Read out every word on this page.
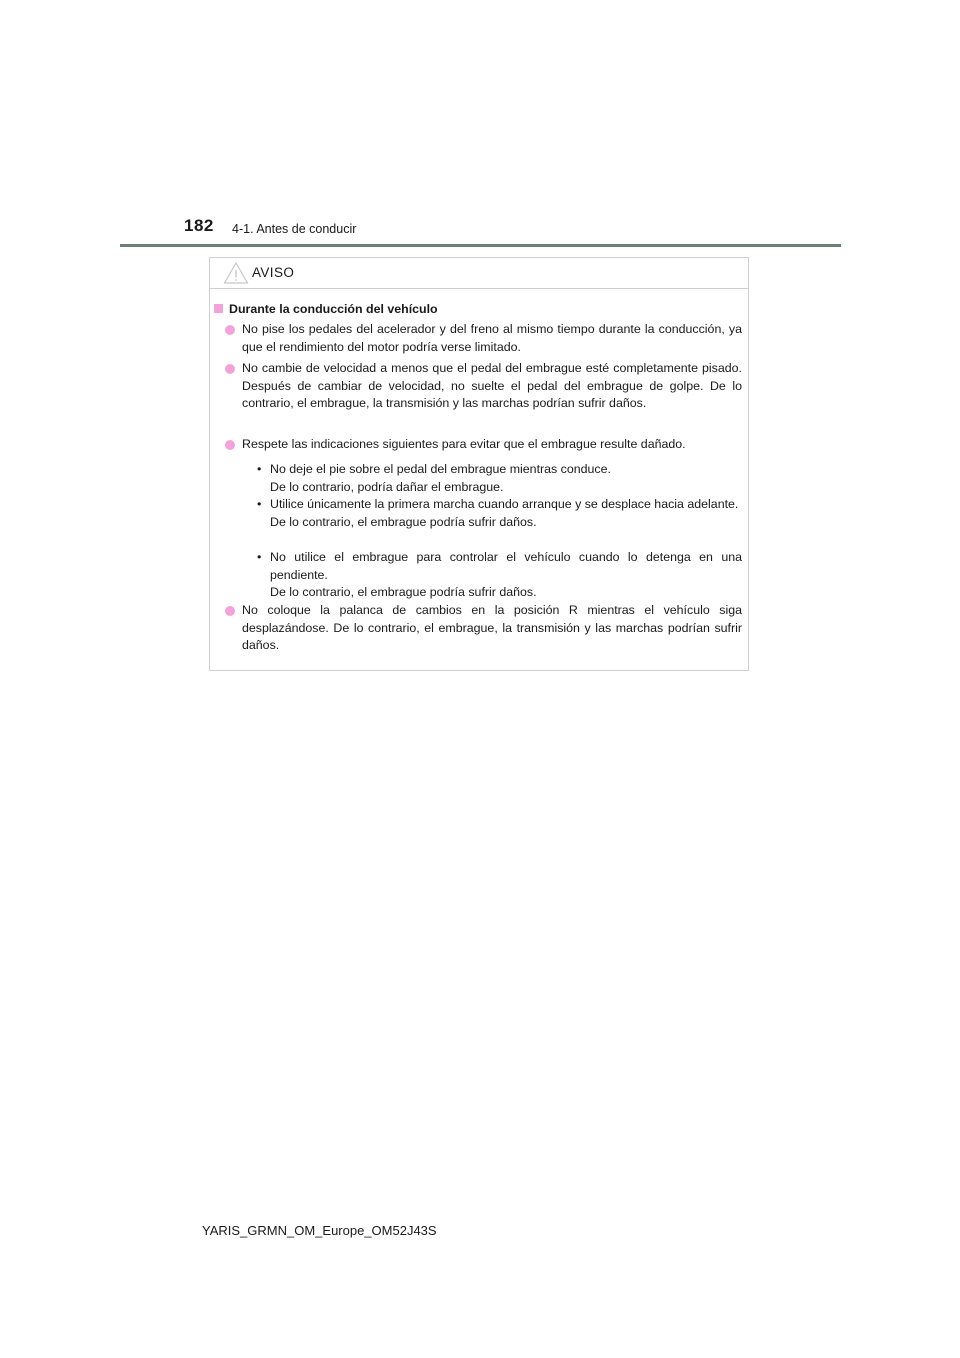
182 4-1. Antes de conducir
AVISO
Durante la conducción del vehículo
No pise los pedales del acelerador y del freno al mismo tiempo durante la conducción, ya que el rendimiento del motor podría verse limitado.
No cambie de velocidad a menos que el pedal del embrague esté completamente pisado. Después de cambiar de velocidad, no suelte el pedal del embrague de golpe. De lo contrario, el embrague, la transmisión y las marchas podrían sufrir daños.
Respete las indicaciones siguientes para evitar que el embrague resulte dañado.
• No deje el pie sobre el pedal del embrague mientras conduce.
De lo contrario, podría dañar el embrague.
• Utilice únicamente la primera marcha cuando arranque y se desplace hacia adelante.
De lo contrario, el embrague podría sufrir daños.
• No utilice el embrague para controlar el vehículo cuando lo detenga en una pendiente.
De lo contrario, el embrague podría sufrir daños.
No coloque la palanca de cambios en la posición R mientras el vehículo siga desplazándose. De lo contrario, el embrague, la transmisión y las marchas podrían sufrir daños.
YARIS_GRMN_OM_Europe_OM52J43S
